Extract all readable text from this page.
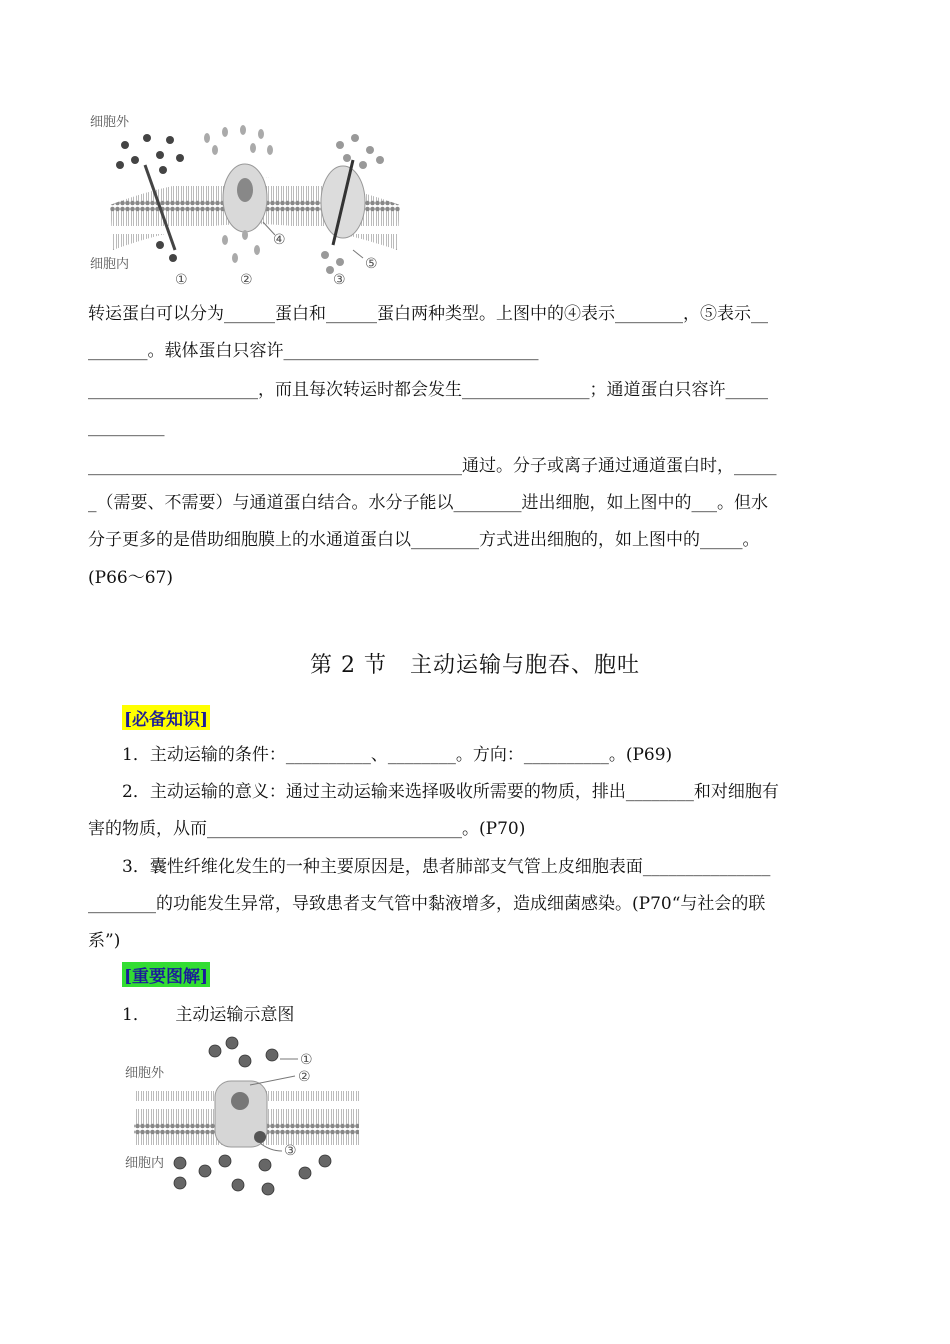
细胞外
细胞内
④
①	②	③
⑤

转运蛋白可以分为______蛋白和______蛋白两种类型。上图中的④表示________，⑤表示__

_______。载体蛋白只容许______________________________

____________________，而且每次转运时都会发生_______________；通道蛋白只容许_____

_________

____________________________________________通过。分子或离子通过通道蛋白时，_____

_（需要、不需要）与通道蛋白结合。水分子能以________进出细胞，如上图中的___。但水

分子更多的是借助细胞膜上的水通道蛋白以________方式进出细胞的，如上图中的_____。

(P66～67)

第 2 节　主动运输与胞吞、胞吐
[必备知识]

1．主动运输的条件：__________、________。方向：__________。(P69)

2．主动运输的意义：通过主动运输来选择吸收所需要的物质，排出________和对细胞有

害的物质，从而______________________________。(P70)

3．囊性纤维化发生的一种主要原因是，患者肺部支气管上皮细胞表面_______________

________的功能发生异常，导致患者支气管中黏液增多，造成细菌感染。(P70“与社会的联

系”)

[重要图解]

1．　　主动运输示意图

细胞外
细胞内
①
②
③
